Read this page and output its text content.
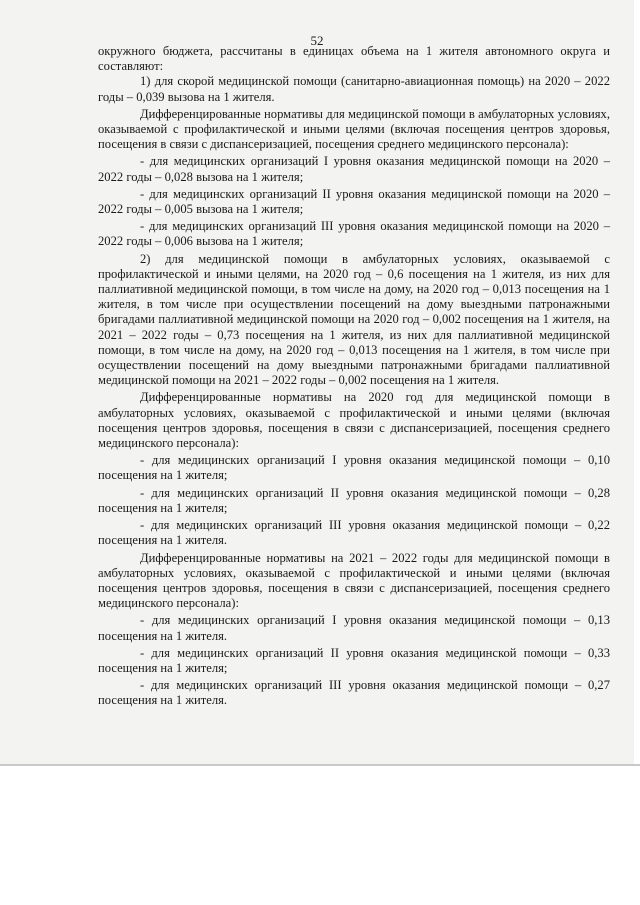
52

окружного бюджета, рассчитаны в единицах объема на 1 жителя автономного округа и составляют:

1) для скорой медицинской помощи (санитарно-авиационная помощь) на 2020 – 2022 годы – 0,039 вызова на 1 жителя.

Дифференцированные нормативы для медицинской помощи в амбулаторных условиях, оказываемой с профилактической и иными целями (включая посещения центров здоровья, посещения в связи с диспансеризацией, посещения среднего медицинского персонала):

- для медицинских организаций I уровня оказания медицинской помощи на 2020 – 2022 годы – 0,028 вызова на 1 жителя;

- для медицинских организаций II уровня оказания медицинской помощи на 2020 – 2022 годы – 0,005 вызова на 1 жителя;

- для медицинских организаций III уровня оказания медицинской помощи на 2020 – 2022 годы – 0,006 вызова на 1 жителя;

2) для медицинской помощи в амбулаторных условиях, оказываемой с профилактической и иными целями, на 2020 год – 0,6 посещения на 1 жителя, из них для паллиативной медицинской помощи, в том числе на дому, на 2020 год – 0,013 посещения на 1 жителя, в том числе при осуществлении посещений на дому выездными патронажными бригадами паллиативной медицинской помощи на 2020 год – 0,002 посещения на 1 жителя, на 2021 – 2022 годы – 0,73 посещения на 1 жителя, из них для паллиативной медицинской помощи, в том числе на дому, на 2020 год – 0,013 посещения на 1 жителя, в том числе при осуществлении посещений на дому выездными патронажными бригадами паллиативной медицинской помощи на 2021 – 2022 годы – 0,002 посещения на 1 жителя.

Дифференцированные нормативы на 2020 год для медицинской помощи в амбулаторных условиях, оказываемой с профилактической и иными целями (включая посещения центров здоровья, посещения в связи с диспансеризацией, посещения среднего медицинского персонала):

- для медицинских организаций I уровня оказания медицинской помощи – 0,10 посещения на 1 жителя;

- для медицинских организаций II уровня оказания медицинской помощи – 0,28 посещения на 1 жителя;

- для медицинских организаций III уровня оказания медицинской помощи – 0,22 посещения на 1 жителя.

Дифференцированные нормативы на 2021 – 2022 годы для медицинской помощи в амбулаторных условиях, оказываемой с профилактической и иными целями (включая посещения центров здоровья, посещения в связи с диспансеризацией, посещения среднего медицинского персонала):

- для медицинских организаций I уровня оказания медицинской помощи – 0,13 посещения на 1 жителя.

- для медицинских организаций II уровня оказания медицинской помощи – 0,33 посещения на 1 жителя;

- для медицинских организаций III уровня оказания медицинской помощи – 0,27 посещения на 1 жителя.
